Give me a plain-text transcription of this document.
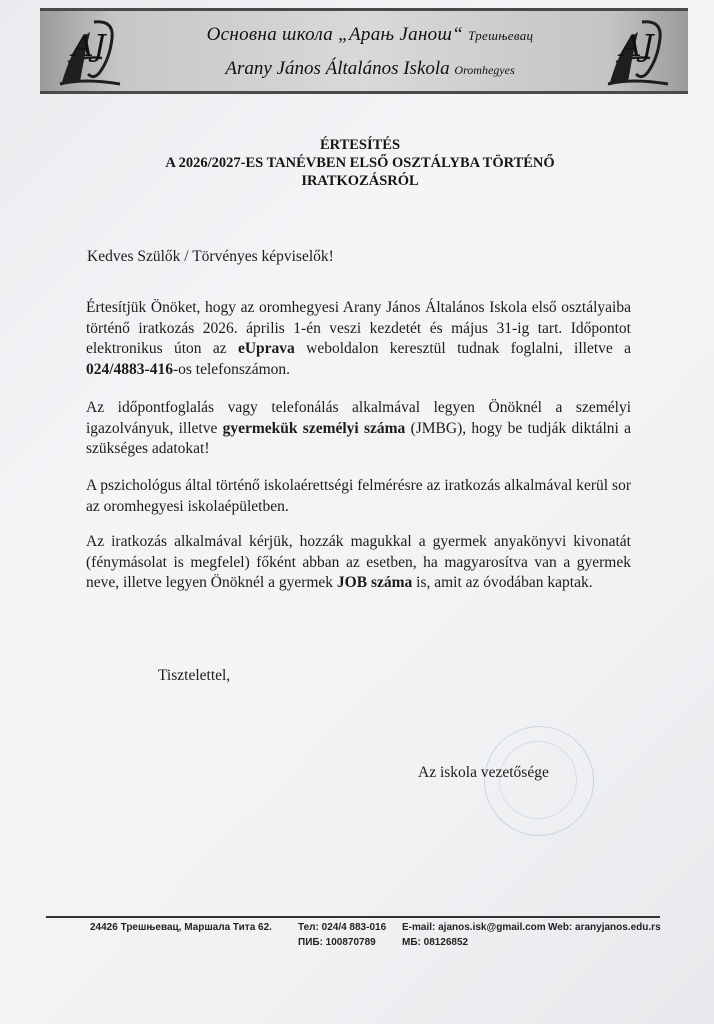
AJ	AJ
Основна школа „Арањ Јанош“ Трешњевац
Arany János Általános Iskola Oromhegyes
ÉRTESÍTÉS
A 2026/2027-ES TANÉVBEN ELSŐ OSZTÁLYBA TÖRTÉNŐ
IRATKOZÁSRÓL
Kedves Szülők / Törvényes képviselők!
Értesítjük Önöket, hogy az oromhegyesi Arany János Általános Iskola első osztályaiba történő iratkozás 2026. április 1-én veszi kezdetét és május 31-ig tart. Időpontot elektronikus úton az eUprava weboldalon keresztül tudnak foglalni, illetve a 024/4883-416-os telefonszámon.
Az időpontfoglalás vagy telefonálás alkalmával legyen Önöknél a személyi igazolványuk, illetve gyermekük személyi száma (JMBG), hogy be tudják diktálni a szükséges adatokat!
A pszichológus által történő iskolaérettségi felmérésre az iratkozás alkalmával kerül sor az oromhegyesi iskolaépületben.
Az iratkozás alkalmával kérjük, hozzák magukkal a gyermek anyakönyvi kivonatát (fénymásolat is megfelel) főként abban az esetben, ha magyarosítva van a gyermek neve, illetve legyen Önöknél a gyermek JOB száma is, amit az óvodában kaptak.
Tisztelettel,
Az iskola vezetősége
24426 Трешњевац, Маршала Тита 62.	Тел: 024/4 883-016 E-mail: ajanos.isk@gmail.com Web: aranyjanos.edu.rs
ПИБ: 100870789	МБ: 08126852
